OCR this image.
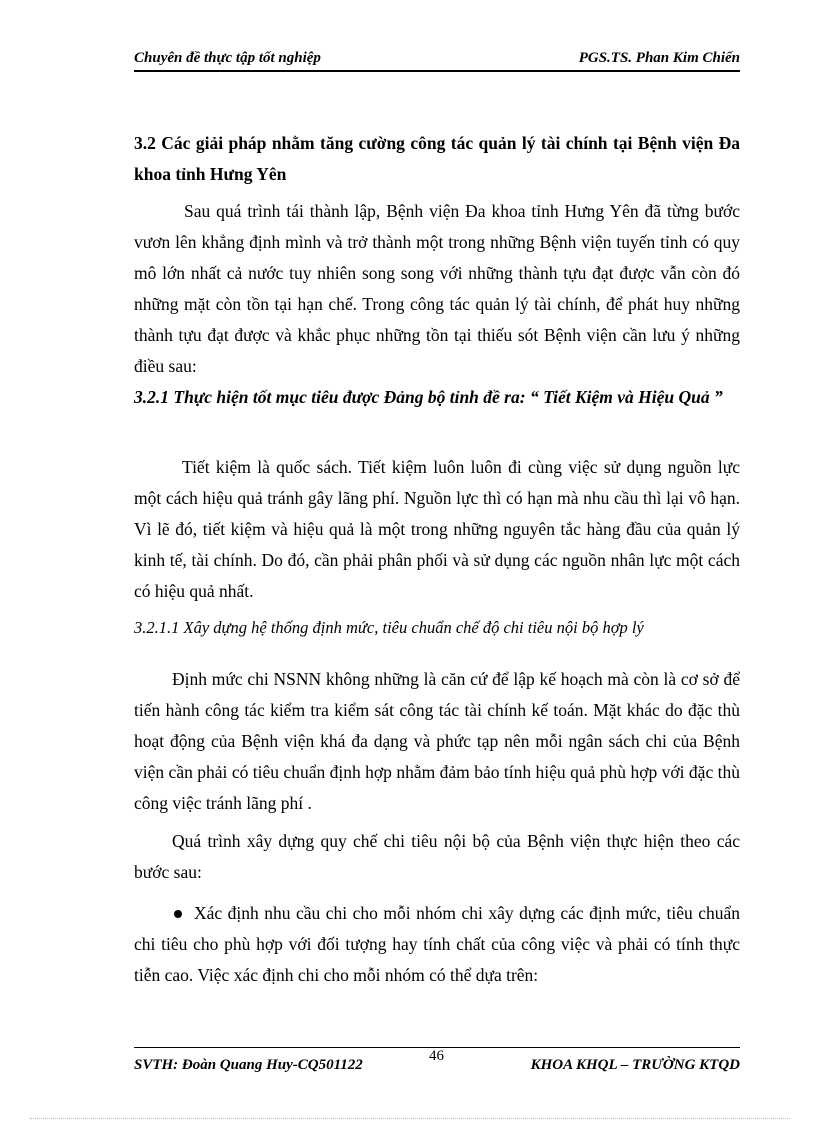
Chuyên đề thực tập tốt nghiệp	PGS.TS. Phan Kim Chiến

3.2 Các giải pháp nhằm tăng cường công tác quản lý tài chính tại Bệnh viện Đa khoa tỉnh Hưng Yên

Sau quá trình tái thành lập, Bệnh viện Đa khoa tỉnh Hưng Yên đã từng bước vươn lên khẳng định mình và trở thành một trong những Bệnh viện tuyến tỉnh có quy mô lớn nhất cả nước tuy nhiên song song với những thành tựu đạt được vẫn còn đó những mặt còn tồn tại hạn chế. Trong công tác quản lý tài chính, để phát huy những thành tựu đạt được và khắc phục những tồn tại thiếu sót Bệnh viện cần lưu ý những điều sau:

3.2.1 Thực hiện tốt mục tiêu được Đảng bộ tỉnh đề ra: “ Tiết Kiệm và Hiệu Quả ”

Tiết kiệm là quốc sách. Tiết kiệm luôn luôn đi cùng việc sử dụng nguồn lực một cách hiệu quả tránh gây lãng phí. Nguồn lực thì có hạn mà nhu cầu thì lại vô hạn. Vì lẽ đó, tiết kiệm và hiệu quả là một trong những nguyên tắc hàng đầu của quản lý kinh tế, tài chính. Do đó, cần phải phân phối và sử dụng các nguồn nhân lực một cách có hiệu quả nhất.

3.2.1.1 Xây dựng hệ thống định mức, tiêu chuẩn chế độ chi tiêu nội bộ hợp lý

Định mức chi NSNN không những là căn cứ để lập kế hoạch mà còn là cơ sở để tiến hành công tác kiểm tra kiểm sát công tác tài chính kế toán. Mặt khác do đặc thù hoạt động của Bệnh viện khá đa dạng và phức tạp nên mỗi ngân sách chi của Bệnh viện cần phải có tiêu chuẩn định hợp nhằm đảm bảo tính hiệu quả phù hợp với đặc thù công việc tránh lãng phí .

Quá trình xây dựng quy chế chi tiêu nội bộ của Bệnh viện thực hiện theo các bước sau:

Xác định nhu cầu chi cho mỗi nhóm chi xây dựng các định mức, tiêu chuẩn chi tiêu cho phù hợp với đối tượng hay tính chất của công việc và phải có tính thực tiễn cao. Việc xác định chi cho mỗi nhóm có thể dựa trên:

SVTH: Đoàn Quang Huy-CQ501122
46
KHOA KHQL – TRƯỜNG KTQD
